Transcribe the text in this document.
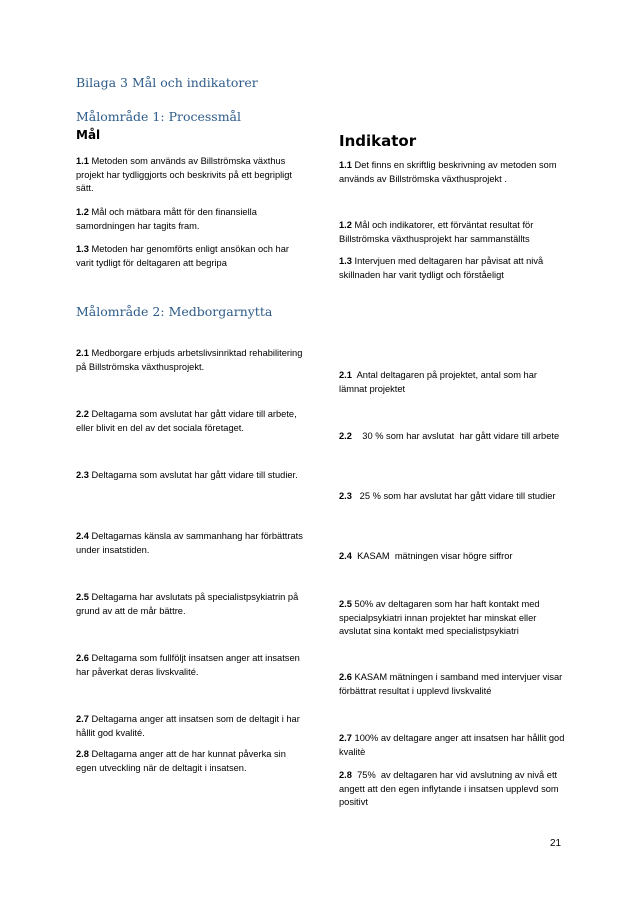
Bilaga 3 Mål och indikatorer
Målområde 1: Processmål
Mål	Indikator
1.1 Metoden som används av Billströmska växthus projekt har tydliggjorts och beskrivits på ett begripligt sätt.
1.2 Mål och mätbara mått för den finansiella samordningen har tagits fram.
1.3 Metoden har genomförts enligt ansökan och har varit tydligt för deltagaren att begripa
Målområde 2: Medborgarnytta
2.1 Medborgare erbjuds arbetslivsinriktad rehabilitering på Billströmska växthusprojekt.
2.2 Deltagarna som avslutat har gått vidare till arbete, eller blivit en del av det sociala företaget.
2.3 Deltagarna som avslutat har gått vidare till studier.
2.4 Deltagarnas känsla av sammanhang har förbättrats under insatstiden.
2.5 Deltagarna har avslutats på specialistpsykiatrin på grund av att de mår bättre.
2.6 Deltagarna som fullföljt insatsen anger att insatsen har påverkat deras livskvalité.
2.7 Deltagarna anger att insatsen som de deltagit i har hållit god kvalité.
2.8 Deltagarna anger att de har kunnat påverka sin egen utveckling när de deltagit i insatsen.
1.1 Det finns en skriftlig beskrivning av metoden som används av Billströmska växthusprojekt .
1.2 Mål och indikatorer, ett förväntat resultat för Billströmska växthusprojekt har sammanställts
1.3 Intervjuen med deltagaren har påvisat att nivå skillnaden har varit tydligt och förståeligt
2.1  Antal deltagaren på projektet, antal som har lämnat projektet
2.2    30 % som har avslutat  har gått vidare till arbete
2.3   25 % som har avslutat har gått vidare till studier
2.4  KASAM  mätningen visar högre siffror
2.5 50% av deltagaren som har haft kontakt med specialpsykiatri innan projektet har minskat eller avslutat sina kontakt med specialistpsykiatri
2.6 KASAM mätningen i samband med intervjuer visar förbättrat resultat i upplevd livskvalité
2.7 100% av deltagare anger att insatsen har hållit god kvalitè
2.8  75%  av deltagaren har vid avslutning av nivå ett angett att den egen inflytande i insatsen upplevd som positivt
21
